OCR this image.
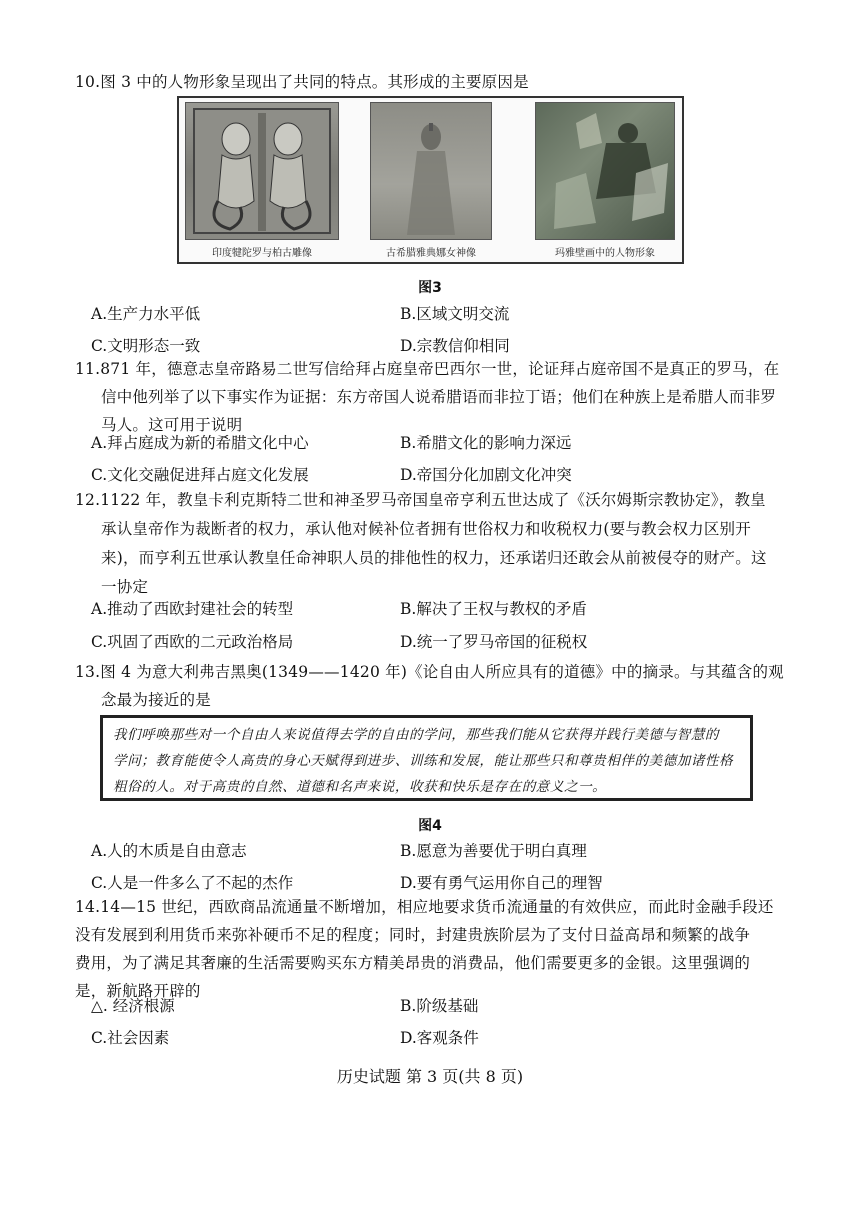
10.图 3 中的人物形象呈现出了共同的特点。其形成的主要原因是
印度犍陀罗与柏古雕像	古希腊雅典娜女神像	玛雅壁画中的人物形象
图3
A.生产力水平低	B.区域文明交流
C.文明形态一致	D.宗教信仰相同
11.871 年，德意志皇帝路易二世写信给拜占庭皇帝巴西尔一世，论证拜占庭帝国不是真正的罗马，在
信中他列举了以下事实作为证据：东方帝国人说希腊语而非拉丁语；他们在种族上是希腊人而非罗
马人。这可用于说明
A.拜占庭成为新的希腊文化中心	B.希腊文化的影响力深远
C.文化交融促进拜占庭文化发展	D.帝国分化加剧文化冲突
12.1122 年，教皇卡利克斯特二世和神圣罗马帝国皇帝亨利五世达成了《沃尔姆斯宗教协定》，教皇
承认皇帝作为裁断者的权力，承认他对候补位者拥有世俗权力和收税权力(要与教会权力区别开
来)，而亨利五世承认教皇任命神职人员的排他性的权力，还承诺归还敢会从前被侵夺的财产。这
一协定
A.推动了西欧封建社会的转型	B.解决了王权与教权的矛盾
C.巩固了西欧的二元政治格局	D.统一了罗马帝国的征税权
13.图 4 为意大利弗吉黑奥(1349——1420 年)《论自由人所应具有的道德》中的摘录。与其蕴含的观
念最为接近的是
我们呼唤那些对一个自由人来说值得去学的自由的学问，那些我们能从它获得并践行美德与智慧的
学问；教育能使令人高贵的身心天赋得到进步、训练和发展，能让那些只和尊贵相伴的美德加诸性格
粗俗的人。对于高贵的自然、道德和名声来说，收获和快乐是存在的意义之一。
图4
A.人的木质是自由意志	B.愿意为善要优于明白真理
C.人是一件多么了不起的杰作	D.要有勇气运用你自己的理智
14.14—15 世纪，西欧商品流通量不断增加，相应地要求货币流通量的有效供应，而此时金融手段还
没有发展到利用货币来弥补硬币不足的程度；同时，封建贵族阶层为了支付日益高昂和频繁的战争
费用，为了满足其奢廉的生活需要购买东方精美昂贵的消费品，他们需要更多的金银。这里强调的
是，新航路开辟的
△. 经济根源	B.阶级基础
C.社会因素	D.客观条件
历史试题 第 3 页(共 8 页)
